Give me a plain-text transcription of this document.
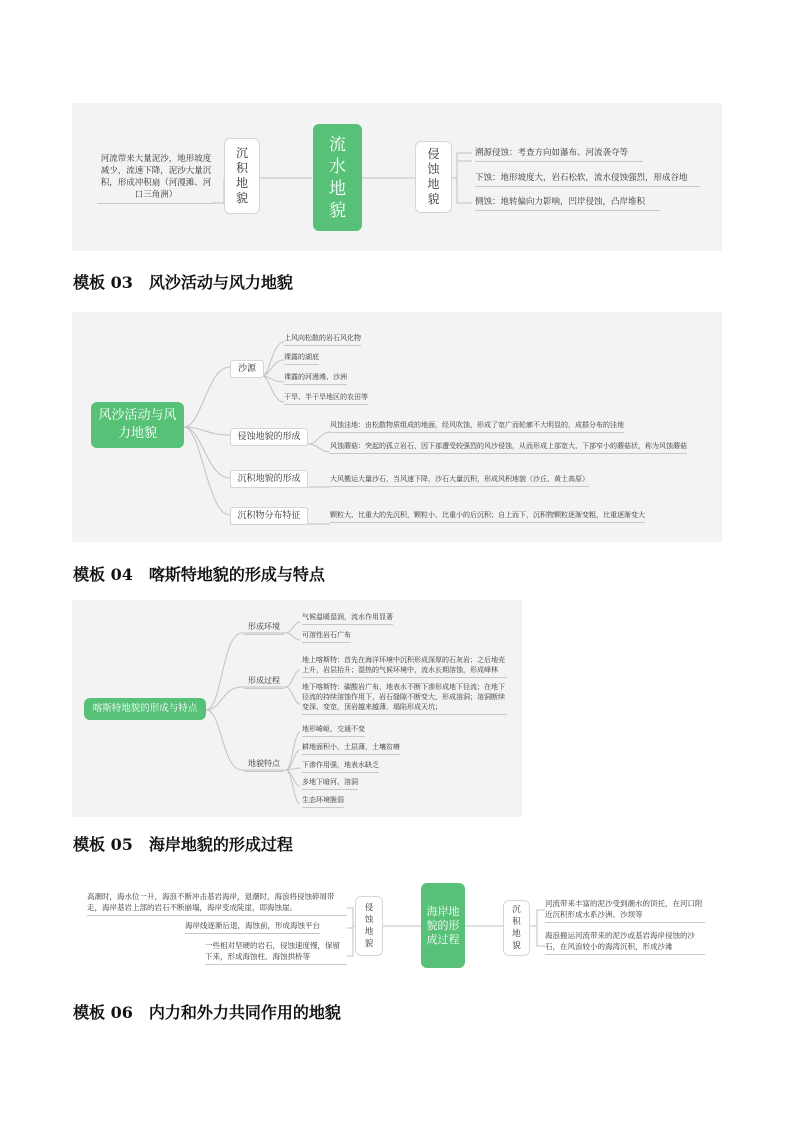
河流带来大量泥沙，地形坡度减少，流速下降，泥沙大量沉积，形成冲积扇（河漫滩、河口三角洲）
沉积地貌
流水地貌
侵蚀地貌
溯源侵蚀：考查方向如瀑布、河流袭夺等
下蚀：地形坡度大，岩石松软，流水侵蚀强烈，形成谷地
侧蚀：地转偏向力影响，凹岸侵蚀，凸岸堆积
模板 03　风沙活动与风力地貌
风沙活动与风力地貌
沙源
上风向松散的岩石风化物
裸露的湖底
裸露的河漫滩、沙洲
干旱、半干旱地区的农田等
侵蚀地貌的形成
风蚀洼地：由松散物质组成的地面，经风吹蚀，形成了宽广而轮廓不大明显的，成群分布的洼地
风蚀蘑菇：突起的孤立岩石，因下部遭受较强烈的风沙侵蚀，从而形成上部宽大、下部窄小的蘑菇状，称为风蚀蘑菇
沉积地貌的形成	大风搬运大量沙石，当风速下降，沙石大量沉积，形成风积地貌（沙丘、黄土高原）
沉积物分布特征	颗粒大、比重大的先沉积，颗粒小、比重小的后沉积；自上而下，沉积物颗粒逐渐变粗，比重逐渐变大
模板 04　喀斯特地貌的形成与特点
喀斯特地貌的形成与特点
形成环境
气候温暖湿润，流水作用显著
可溶性岩石广布
形成过程
地上喀斯特：首先在海洋环境中沉积形成深厚的石灰岩；之后地壳上升，岩层抬升；湿热的气候环境中，流水长期溶蚀，形成峰林
地下喀斯特：碳酸岩广布，地表水不断下渗形成地下径流；在地下径流的持续溶蚀作用下，岩石缝隙不断变大，形成溶洞；溶洞断续变深、变宽，顶岩越来越薄，塌陷形成天坑；
地貌特点
地形崎岖，交通不变
耕地面积小，土层薄，土壤贫瘠
下渗作用强，地表水缺乏
多地下暗河、溶洞
生态环境脆弱
模板 05　海岸地貌的形成过程
高潮时，海水位一升，海浪不断冲击基岩海岸，退潮时，海浪将侵蚀碎屑带走，海岸基岩上部的岩石不断崩塌，海岸变成陡崖，即海蚀崖。
海岸线逐渐后退，海蚀前，形成海蚀平台
一些相对坚硬的岩石，侵蚀速度慢，保留下来，形成海蚀柱、海蚀拱桥等
侵蚀地貌
海岸地貌的形成过程
沉积地貌
河流带来丰富的泥沙受到潮水的顶托，在河口附近沉积形成水系沙洲、沙坝等
海浪搬运河流带来的泥沙或基岩海岸侵蚀的沙石，在风浪较小的海湾沉积，形成沙滩
模板 06　内力和外力共同作用的地貌
